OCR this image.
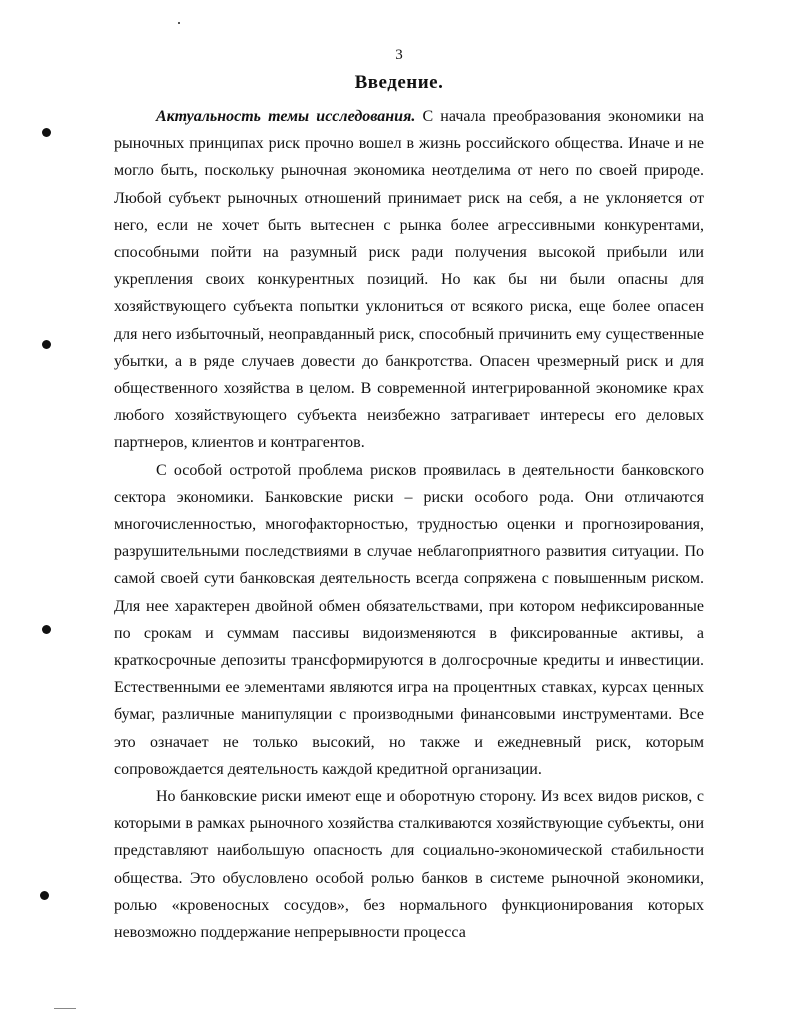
3
Введение.

Актуальность темы исследования. С начала преобразования экономики на рыночных принципах риск прочно вошел в жизнь российского общества. Иначе и не могло быть, поскольку рыночная экономика неотделима от него по своей природе. Любой субъект рыночных отношений принимает риск на себя, а не уклоняется от него, если не хочет быть вытеснен с рынка более агрессивными конкурентами, способными пойти на разумный риск ради получения высокой прибыли или укрепления своих конкурентных позиций. Но как бы ни были опасны для хозяйствующего субъекта попытки уклониться от всякого риска, еще более опасен для него избыточный, неоправданный риск, способный причинить ему существенные убытки, а в ряде случаев довести до банкротства. Опасен чрезмерный риск и для общественного хозяйства в целом. В современной интегрированной экономике крах любого хозяйствующего субъекта неизбежно затрагивает интересы его деловых партнеров, клиентов и контрагентов.

С особой остротой проблема рисков проявилась в деятельности банковского сектора экономики. Банковские риски – риски особого рода. Они отличаются многочисленностью, многофакторностью, трудностью оценки и прогнозирования, разрушительными последствиями в случае неблагоприятного развития ситуации. По самой своей сути банковская деятельность всегда сопряжена с повышенным риском. Для нее характерен двойной обмен обязательствами, при котором нефиксированные по срокам и суммам пассивы видоизменяются в фиксированные активы, а краткосрочные депозиты трансформируются в долгосрочные кредиты и инвестиции. Естественными ее элементами являются игра на процентных ставках, курсах ценных бумаг, различные манипуляции с производными финансовыми инструментами. Все это означает не только высокий, но также и ежедневный риск, которым сопровождается деятельность каждой кредитной организации.

Но банковские риски имеют еще и оборотную сторону. Из всех видов рисков, с которыми в рамках рыночного хозяйства сталкиваются хозяйствующие субъекты, они представляют наибольшую опасность для социально-экономической стабильности общества. Это обусловлено особой ролью банков в системе рыночной экономики, ролью «кровеносных сосудов», без нормального функционирования которых невозможно поддержание непрерывности процесса
